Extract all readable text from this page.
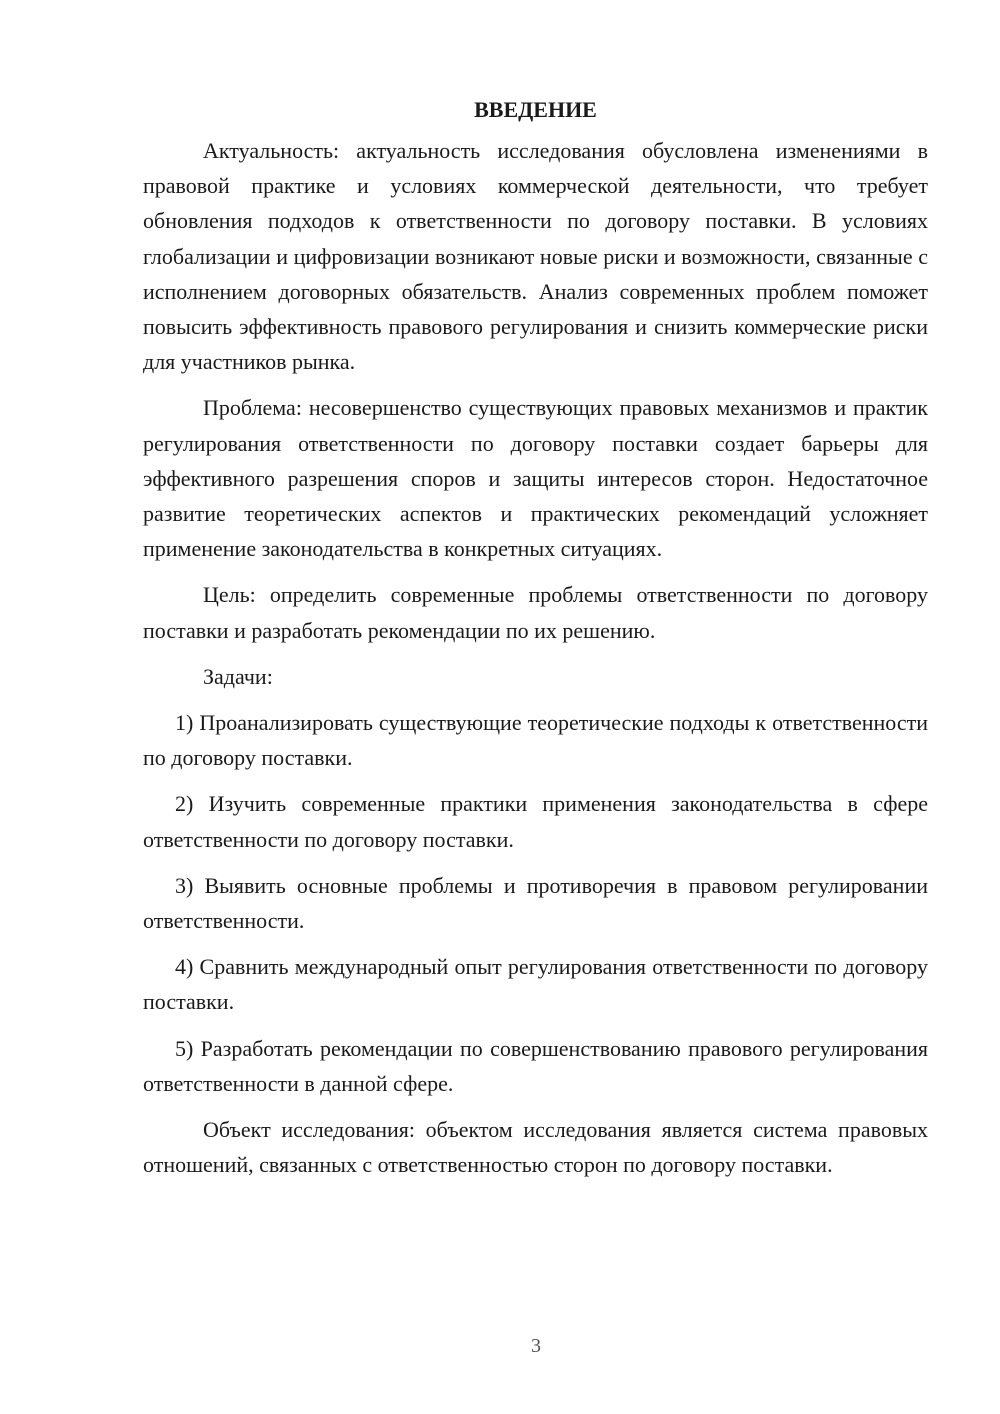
ВВЕДЕНИЕ

Актуальность: актуальность исследования обусловлена изменениями в правовой практике и условиях коммерческой деятельности, что требует обновления подходов к ответственности по договору поставки. В условиях глобализации и цифровизации возникают новые риски и возможности, связанные с исполнением договорных обязательств. Анализ современных проблем поможет повысить эффективность правового регулирования и снизить коммерческие риски для участников рынка.

Проблема: несовершенство существующих правовых механизмов и практик регулирования ответственности по договору поставки создает барьеры для эффективного разрешения споров и защиты интересов сторон. Недостаточное развитие теоретических аспектов и практических рекомендаций усложняет применение законодательства в конкретных ситуациях.

Цель: определить современные проблемы ответственности по договору поставки и разработать рекомендации по их решению.

Задачи:

1) Проанализировать существующие теоретические подходы к ответственности по договору поставки.

2) Изучить современные практики применения законодательства в сфере ответственности по договору поставки.

3) Выявить основные проблемы и противоречия в правовом регулировании ответственности.

4) Сравнить международный опыт регулирования ответственности по договору поставки.

5) Разработать рекомендации по совершенствованию правового регулирования ответственности в данной сфере.

Объект исследования: объектом исследования является система правовых отношений, связанных с ответственностью сторон по договору поставки.

3
